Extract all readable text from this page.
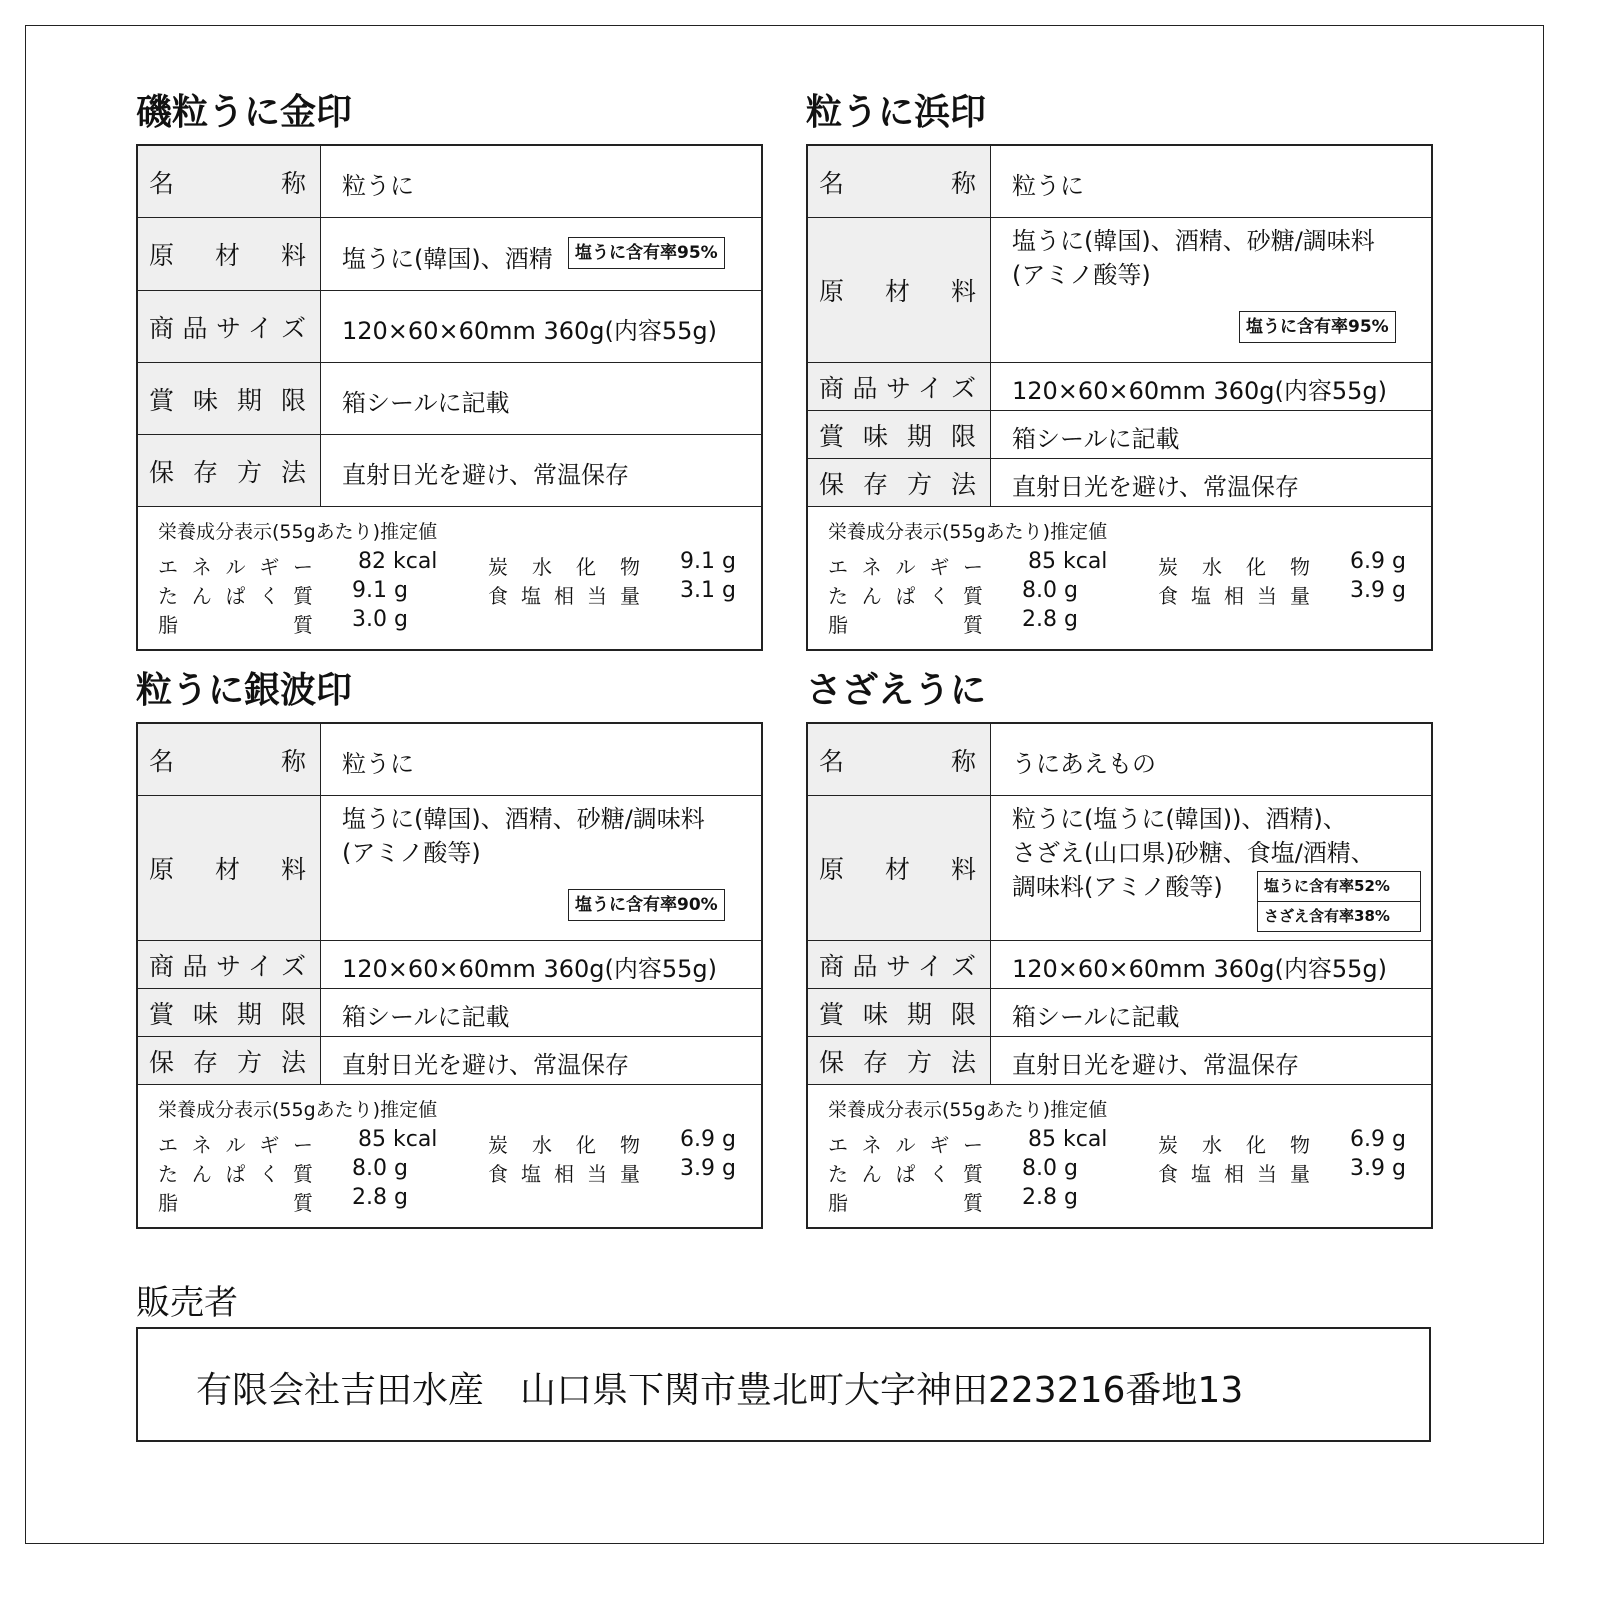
磯粒うに金印
名称 粒うに
原材料 塩うに(韓国)、酒精	塩うに含有率95%
商品サイズ 120×60×60mm 360g(内容55g)
賞味期限 箱シールに記載
保存方法 直射日光を避け、常温保存
栄養成分表示(55gあたり)推定値
エネルギー 82 kcal
たんぱく質 9.1 g
脂質 3.0 g
炭水化物 9.1 g
食塩相当量 3.1 g
粒うに浜印
名称 粒うに
原材料
塩うに(韓国)、酒精、砂糖/調味料
(アミノ酸等)
塩うに含有率95%
商品サイズ 120×60×60mm 360g(内容55g)
賞味期限 箱シールに記載
保存方法 直射日光を避け、常温保存
栄養成分表示(55gあたり)推定値
エネルギー 85 kcal
たんぱく質 8.0 g
脂質 2.8 g
炭水化物 6.9 g
食塩相当量 3.9 g
粒うに銀波印
名称 粒うに
原材料
塩うに(韓国)、酒精、砂糖/調味料
(アミノ酸等)
塩うに含有率90%
商品サイズ 120×60×60mm 360g(内容55g)
賞味期限 箱シールに記載
保存方法 直射日光を避け、常温保存
栄養成分表示(55gあたり)推定値
エネルギー 85 kcal
たんぱく質 8.0 g
脂質 2.8 g
炭水化物 6.9 g
食塩相当量 3.9 g
さざえうに
名称 うにあえもの
原材料
粒うに(塩うに(韓国))、酒精)、
さざえ(山口県)砂糖、食塩/酒精、
調味料(アミノ酸等)	塩うに含有率52%
さざえ含有率38%
商品サイズ 120×60×60mm 360g(内容55g)
賞味期限 箱シールに記載
保存方法 直射日光を避け、常温保存
栄養成分表示(55gあたり)推定値
エネルギー 85 kcal
たんぱく質 8.0 g
脂質 2.8 g
炭水化物 6.9 g
食塩相当量 3.9 g
販売者
有限会社吉田水産　山口県下関市豊北町大字神田223216番地13
